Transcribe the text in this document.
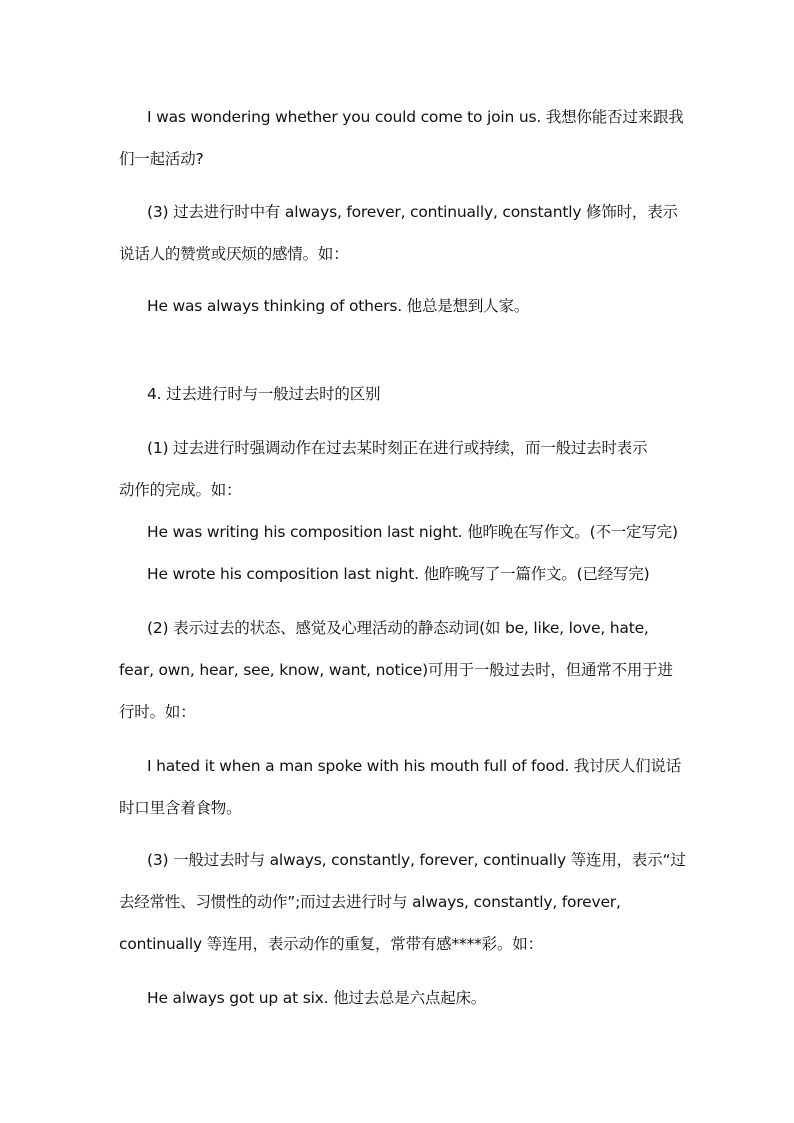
I was wondering whether you could come to join us. 我想你能否过来跟我
们一起活动?
(3) 过去进行时中有 always, forever, continually, constantly 修饰时，表示
说话人的赞赏或厌烦的感情。如：
He was always thinking of others. 他总是想到人家。
4. 过去进行时与一般过去时的区别
(1) 过去进行时强调动作在过去某时刻正在进行或持续，而一般过去时表示
动作的完成。如：
He was writing his composition last night. 他昨晚在写作文。(不一定写完)
He wrote his composition last night. 他昨晚写了一篇作文。(已经写完)
(2) 表示过去的状态、感觉及心理活动的静态动词(如 be, like, love, hate,
fear, own, hear, see, know, want, notice)可用于一般过去时，但通常不用于进
行时。如：
I hated it when a man spoke with his mouth full of food. 我讨厌人们说话
时口里含着食物。
(3) 一般过去时与 always, constantly, forever, continually 等连用，表示“过
去经常性、习惯性的动作”;而过去进行时与 always, constantly, forever,
continually 等连用，表示动作的重复，常带有感****彩。如：
He always got up at six. 他过去总是六点起床。
